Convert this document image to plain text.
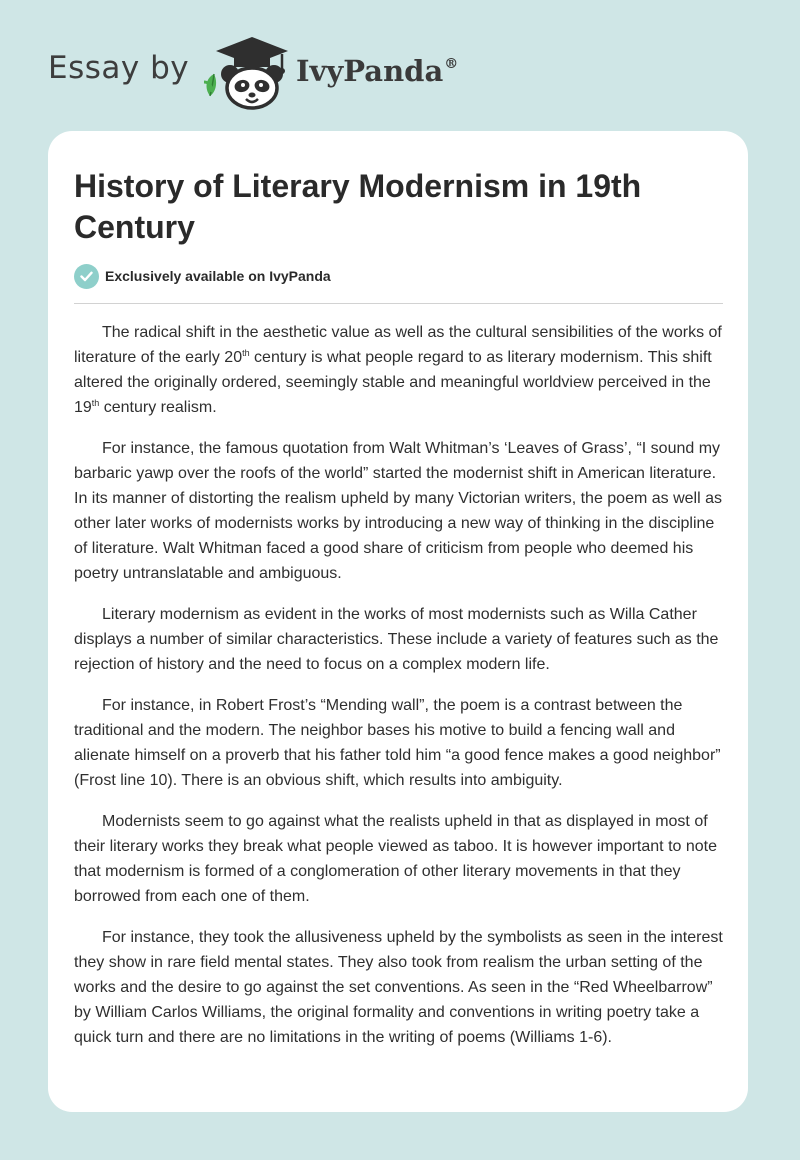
Essay by	IvyPanda®
History of Literary Modernism in 19th Century
Exclusively available on IvyPanda

The radical shift in the aesthetic value as well as the cultural sensibilities of the works of literature of the early 20th century is what people regard to as literary modernism. This shift altered the originally ordered, seemingly stable and meaningful worldview perceived in the 19th century realism.

For instance, the famous quotation from Walt Whitman’s ‘Leaves of Grass’, “I sound my barbaric yawp over the roofs of the world” started the modernist shift in American literature. In its manner of distorting the realism upheld by many Victorian writers, the poem as well as other later works of modernists works by introducing a new way of thinking in the discipline of literature. Walt Whitman faced a good share of criticism from people who deemed his poetry untranslatable and ambiguous.

Literary modernism as evident in the works of most modernists such as Willa Cather displays a number of similar characteristics. These include a variety of features such as the rejection of history and the need to focus on a complex modern life.

For instance, in Robert Frost’s “Mending wall”, the poem is a contrast between the traditional and the modern. The neighbor bases his motive to build a fencing wall and alienate himself on a proverb that his father told him “a good fence makes a good neighbor” (Frost line 10). There is an obvious shift, which results into ambiguity.

Modernists seem to go against what the realists upheld in that as displayed in most of their literary works they break what people viewed as taboo. It is however important to note that modernism is formed of a conglomeration of other literary movements in that they borrowed from each one of them.

For instance, they took the allusiveness upheld by the symbolists as seen in the interest they show in rare field mental states. They also took from realism the urban setting of the works and the desire to go against the set conventions. As seen in the “Red Wheelbarrow” by William Carlos Williams, the original formality and conventions in writing poetry take a quick turn and there are no limitations in the writing of poems (Williams 1-6).
